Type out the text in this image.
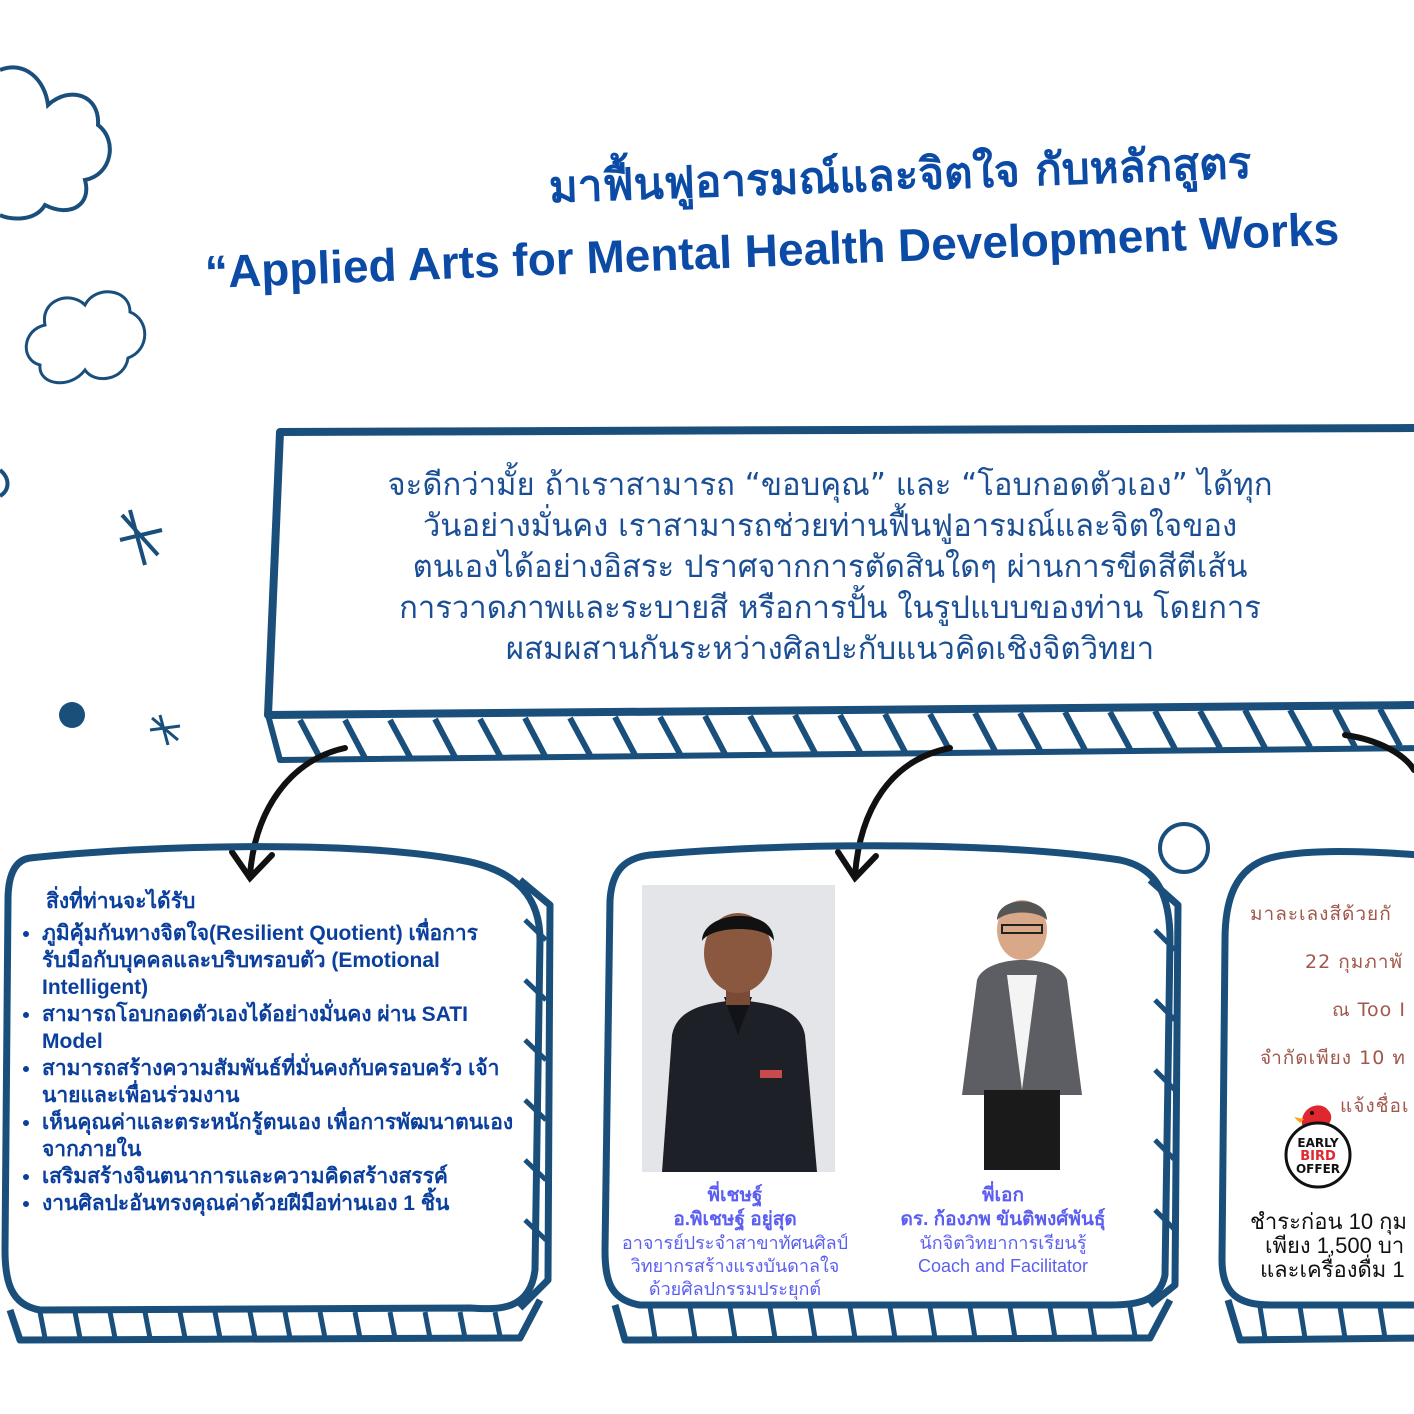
มาฟื้นฟูอารมณ์และจิตใจ กับหลักสูตร
“Applied Arts for Mental Health Development Works
จะดีกว่ามั้ย ถ้าเราสามารถ “ขอบคุณ” และ “โอบกอดตัวเอง” ได้ทุก
วันอย่างมั่นคง เราสามารถช่วยท่านฟื้นฟูอารมณ์และจิตใจของ
ตนเองได้อย่างอิสระ ปราศจากการตัดสินใดๆ ผ่านการขีดสีตีเส้น
การวาดภาพและระบายสี หรือการปั้น ในรูปแบบของท่าน โดยการ
ผสมผสานกันระหว่างศิลปะกับแนวคิดเชิงจิตวิทยา
สิ่งที่ท่านจะได้รับ
• ภูมิคุ้มกันทางจิตใจ(Resilient Quotient) เพื่อการรับมือกับบุคคลและบริบทรอบตัว (Emotional Intelligent)
• สามารถโอบกอดตัวเองได้อย่างมั่นคง ผ่าน SATI Model
• สามารถสร้างความสัมพันธ์ที่มั่นคงกับครอบครัว เจ้านายและเพื่อนร่วมงาน
• เห็นคุณค่าและตระหนักรู้ตนเอง เพื่อการพัฒนาตนเองจากภายใน
• เสริมสร้างจินตนาการและความคิดสร้างสรรค์
• งานศิลปะอันทรงคุณค่าด้วยฝีมือท่านเอง 1 ชิ้น	พี่เชษฐ์
อ.พิเชษฐ์ อยู่สุด
อาจารย์ประจำสาขาทัศนศิลป์
วิทยากรสร้างแรงบันดาลใจ
ด้วยศิลปกรรมประยุกต์
พี่เอก
ดร. ก้องภพ ขันติพงศ์พันธุ์
นักจิตวิทยาการเรียนรู้
Coach and Facilitator
มาละเลงสีด้วยกั
22 กุมภาพั
ณ Too I
จำกัดเพียง 10 ท
แจ้งชื่อเ
EARLY
BIRD
OFFER
ชำระก่อน 10 กุม
เพียง 1,500 บา
และเครื่องดื่ม 1
